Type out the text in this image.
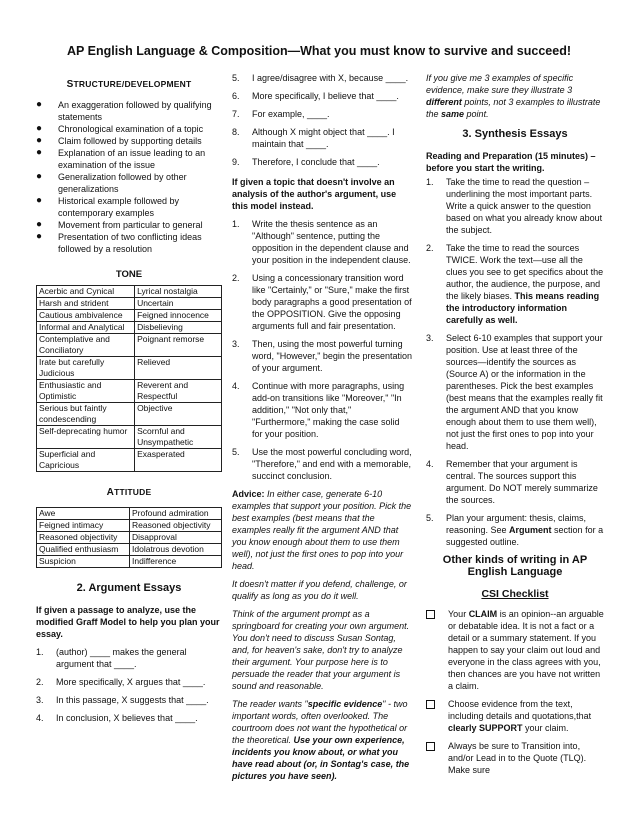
AP English Language & Composition—What you must know to survive and succeed!
STRUCTURE/DEVELOPMENT
● An exaggeration followed by qualifying statements
● Chronological examination of a topic
● Claim followed by supporting details
● Explanation of an issue leading to an examination of the issue
● Generalization followed by other generalizations
● Historical example followed by contemporary examples
● Movement from particular to general
● Presentation of two conflicting ideas followed by a resolution
TONE
Acerbic and Cynical	Lyrical nostalgia
Harsh and strident	Uncertain
Cautious ambivalence	Feigned innocence
Informal and Analytical	Disbelieving
Contemplative and Conciliatory	Poignant remorse
Irate but carefully Judicious	Relieved
Enthusiastic and Optimistic	Reverent and Respectful
Serious but faintly condescending	Objective
Self-deprecating humor	Scornful and Unsympathetic
Superficial and Capricious	Exasperated
ATTITUDE
Awe	Profound admiration
Feigned intimacy	Reasoned objectivity
Reasoned objectivity	Disapproval
Qualified enthusiasm	Idolatrous devotion
Suspicion	Indifference
2. Argument Essays
If given a passage to analyze, use the modified Graff Model to help you plan your essay.
1. (author) ____ makes the general argument that ____.
2. More specifically, X argues that ____.
3. In this passage, X suggests that ____.
4. In conclusion, X believes that ____.
5. I agree/disagree with X, because ____.
6. More specifically, I believe that ____.
7. For example, ____.
8. Although X might object that ____. I maintain that ____.
9. Therefore, I conclude that ____.
If given a topic that doesn't involve an analysis of the author's argument, use this model instead.
1. Write the thesis sentence as an "Although" sentence, putting the opposition in the dependent clause and your position in the independent clause.
2. Using a concessionary transition word like "Certainly," or "Sure," make the first body paragraphs a good presentation of the OPPOSITION. Give the opposing arguments full and fair presentation.
3. Then, using the most powerful turning word, "However," begin the presentation of your argument.
4. Continue with more paragraphs, using add-on transitions like "Moreover," "In addition," "Not only that," "Furthermore," making the case solid for your position.
5. Use the most powerful concluding word, "Therefore," and end with a memorable, succinct conclusion.
Advice: In either case, generate 6-10 examples that support your position. Pick the best examples (best means that the examples really fit the argument AND that you know enough about them to use them well), not just the first ones to pop into your head.
It doesn't matter if you defend, challenge, or qualify as long as you do it well.
Think of the argument prompt as a springboard for creating your own argument. You don't need to discuss Susan Sontag, and, for heaven's sake, don't try to analyze their argument. Your purpose here is to persuade the reader that your argument is sound and reasonable.
The reader wants "specific evidence" - two important words, often overlooked. The courtroom does not want the hypothetical or the theoretical. Use your own experience, incidents you know about, or what you have read about (or, in Sontag's case, the pictures you have seen).
If you give me 3 examples of specific evidence, make sure they illustrate 3 different points, not 3 examples to illustrate the same point.
3. Synthesis Essays
Reading and Preparation (15 minutes) – before you start the writing.
1. Take the time to read the question – underlining the most important parts. Write a quick answer to the question based on what you already know about the subject.
2. Take the time to read the sources TWICE. Work the text—use all the clues you see to get specifics about the author, the audience, the purpose, and the likely biases. This means reading the introductory information carefully as well.
3. Select 6-10 examples that support your position. Use at least three of the sources—identify the sources as (Source A) or the information in the parentheses. Pick the best examples (best means that the examples really fit the argument AND that you know enough about them to use them well), not just the first ones to pop into your head.
4. Remember that your argument is central. The sources support this argument. Do NOT merely summarize the sources.
5. Plan your argument: thesis, claims, reasoning. See Argument section for a suggested outline.
Other kinds of writing in AP English Language
CSI Checklist
Your CLAIM is an opinion--an arguable or debatable idea. It is not a fact or a detail or a summary statement. If you happen to say your claim out loud and everyone in the class agrees with you, then chances are you have not written a claim.
Choose evidence from the text, including details and quotations,that clearly SUPPORT your claim.
Always be sure to Transition into, and/or Lead in to the Quote (TLQ). Make sure
